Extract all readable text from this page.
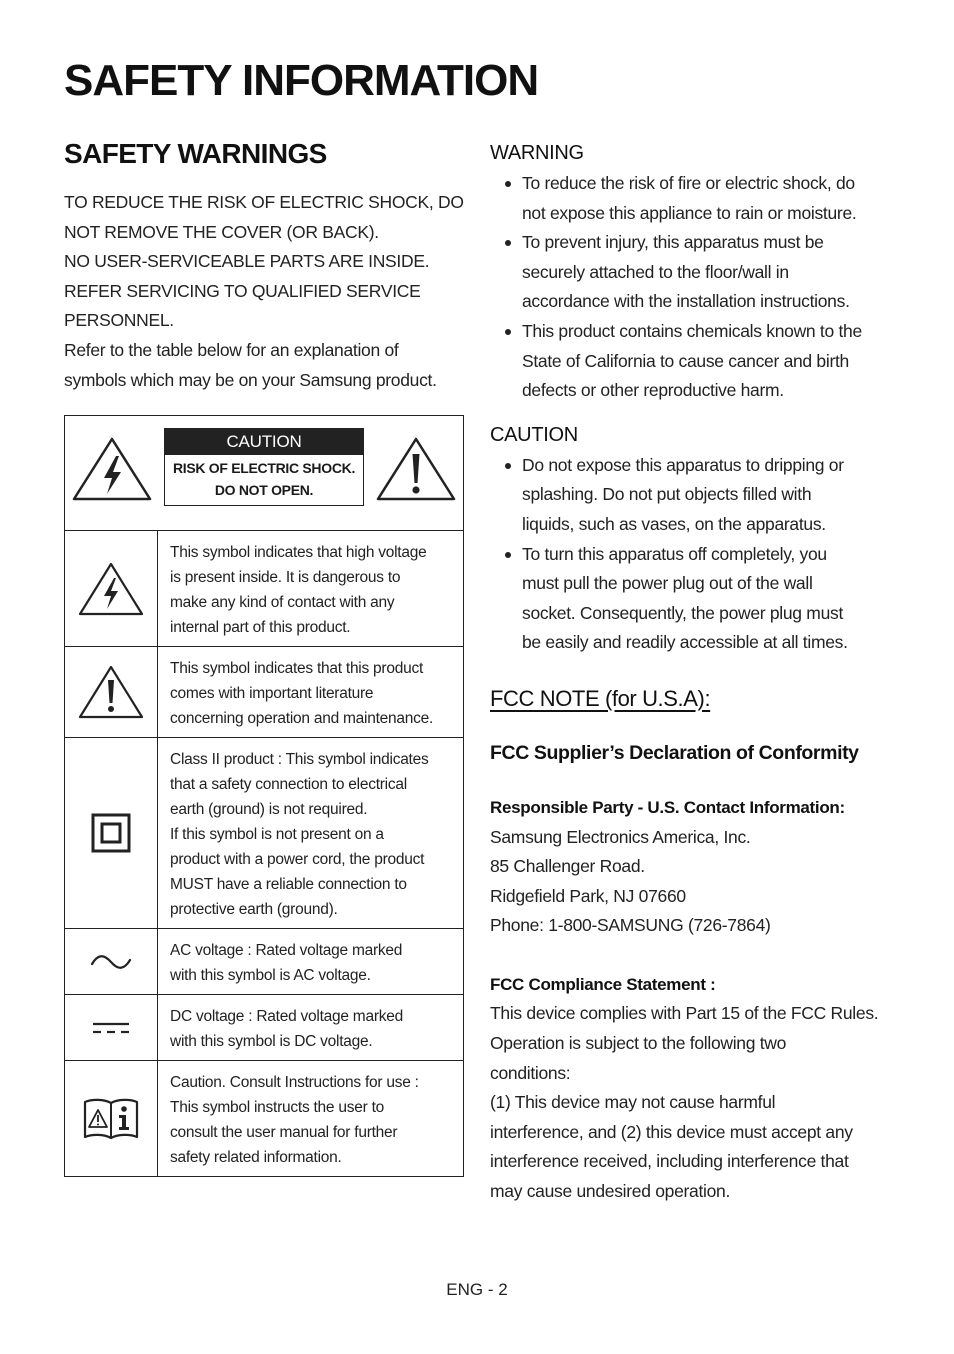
SAFETY INFORMATION
SAFETY WARNINGS
TO REDUCE THE RISK OF ELECTRIC SHOCK, DO
NOT REMOVE THE COVER (OR BACK).
NO USER-SERVICEABLE PARTS ARE INSIDE.
REFER SERVICING TO QUALIFIED SERVICE
PERSONNEL.
Refer to the table below for an explanation of
symbols which may be on your Samsung product.
CAUTION
RISK OF ELECTRIC SHOCK.
DO NOT OPEN.
This symbol indicates that high voltage
is present inside. It is dangerous to
make any kind of contact with any
internal part of this product.
This symbol indicates that this product
comes with important literature
concerning operation and maintenance.
Class II product : This symbol indicates
that a safety connection to electrical
earth (ground) is not required.
If this symbol is not present on a
product with a power cord, the product
MUST have a reliable connection to
protective earth (ground).
AC voltage : Rated voltage marked
with this symbol is AC voltage.
DC voltage : Rated voltage marked
with this symbol is DC voltage.
Caution. Consult Instructions for use :
This symbol instructs the user to
consult the user manual for further
safety related information.
WARNING
To reduce the risk of fire or electric shock, do
not expose this appliance to rain or moisture.
To prevent injury, this apparatus must be
securely attached to the floor/wall in
accordance with the installation instructions.
This product contains chemicals known to the
State of California to cause cancer and birth
defects or other reproductive harm.
CAUTION
Do not expose this apparatus to dripping or
splashing. Do not put objects filled with
liquids, such as vases, on the apparatus.
To turn this apparatus off completely, you
must pull the power plug out of the wall
socket. Consequently, the power plug must
be easily and readily accessible at all times.
FCC NOTE (for U.S.A):
FCC Supplier’s Declaration of Conformity
Responsible Party - U.S. Contact Information:
Samsung Electronics America, Inc.
85 Challenger Road.
Ridgefield Park, NJ 07660
Phone: 1-800-SAMSUNG (726-7864)
FCC Compliance Statement :
This device complies with Part 15 of the FCC Rules.
Operation is subject to the following two
conditions:
(1) This device may not cause harmful
interference, and (2) this device must accept any
interference received, including interference that
may cause undesired operation.
ENG - 2
